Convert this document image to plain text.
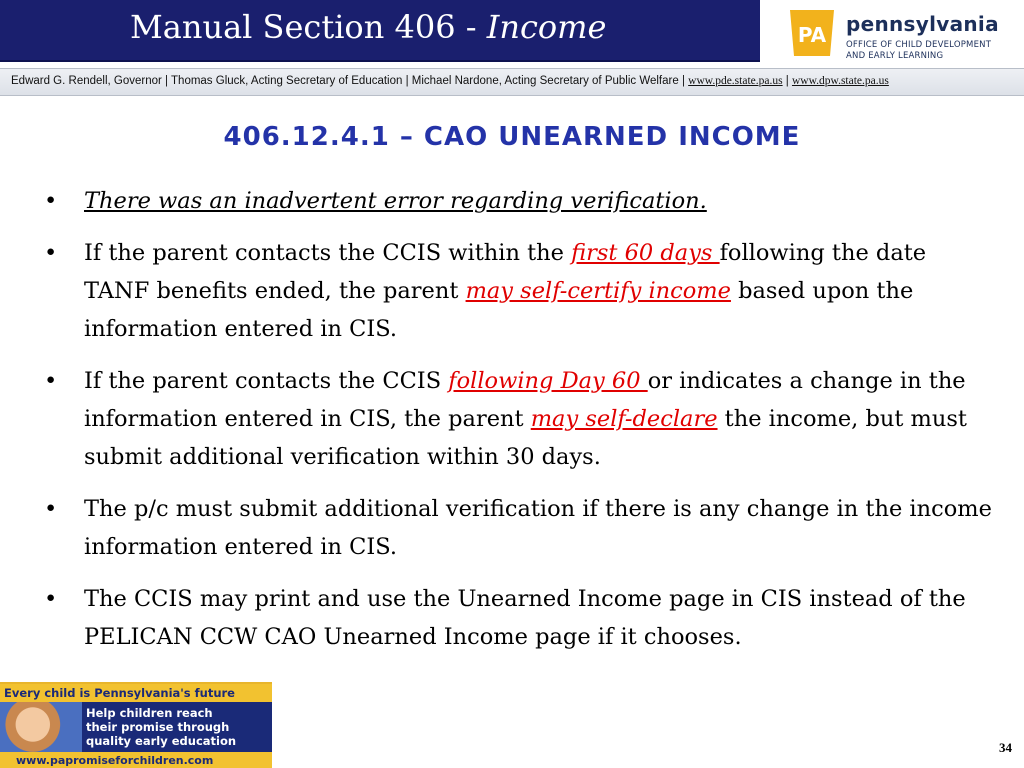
Manual Section 406 - Income	PA pennsylvania
OFFICE OF CHILD DEVELOPMENT
AND EARLY LEARNING
Edward G. Rendell, Governor | Thomas Gluck, Acting Secretary of Education | Michael Nardone, Acting Secretary of Public Welfare | www.pde.state.pa.us | www.dpw.state.pa.us
406.12.4.1 – CAO UNEARNED INCOME
• There was an inadvertent error regarding verification.
• If the parent contacts the CCIS within the first 60 days following the date TANF benefits ended, the parent may self-certify income based upon the information entered in CIS.
• If the parent contacts the CCIS following Day 60 or indicates a change in the information entered in CIS, the parent may self-declare the income, but must submit additional verification within 30 days.
• The p/c must submit additional verification if there is any change in the income information entered in CIS.
• The CCIS may print and use the Unearned Income page in CIS instead of the PELICAN CCW CAO Unearned Income page if it chooses.
Every child is Pennsylvania's future
Help children reach
their promise through
quality early education
www.papromiseforchildren.com
34
